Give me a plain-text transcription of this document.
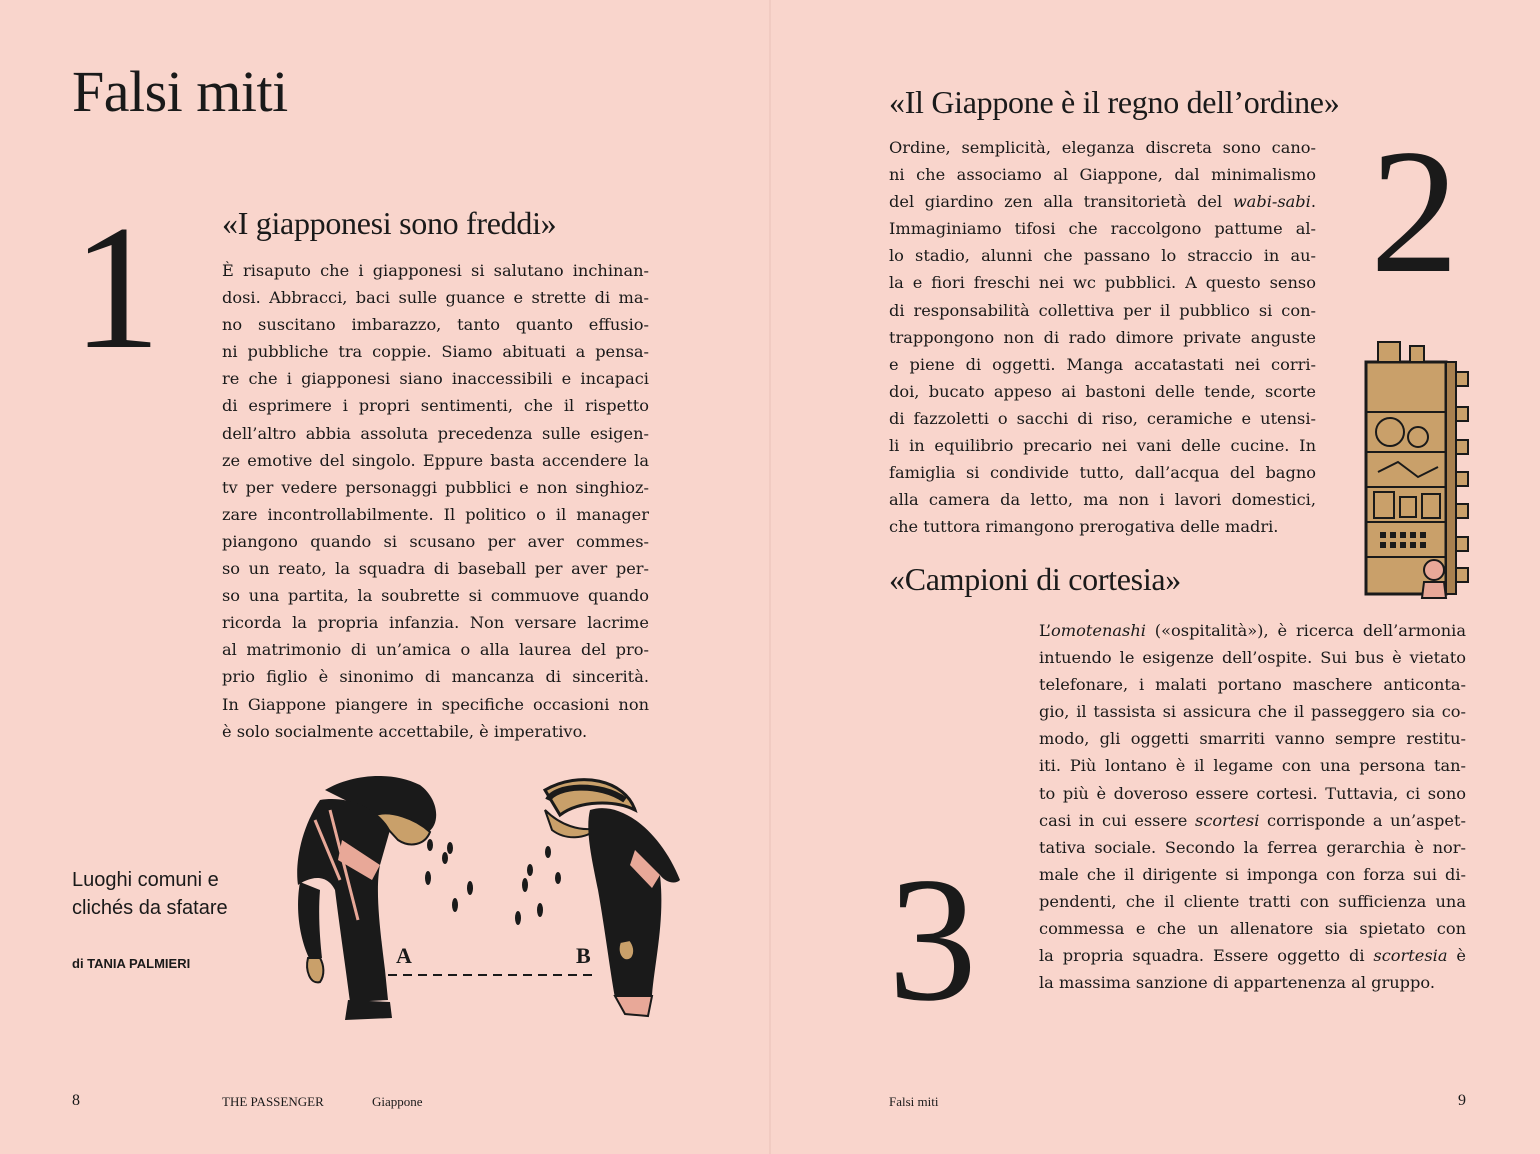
Falsi miti
1 «I giapponesi sono freddi»
È risaputo che i giapponesi si salutano inchinan-
dosi. Abbracci, baci sulle guance e strette di ma-
no suscitano imbarazzo, tanto quanto effusio-
ni pubbliche tra coppie. Siamo abituati a pensa-
re che i giapponesi siano inaccessibili e incapaci
di esprimere i propri sentimenti, che il rispetto
dell’altro abbia assoluta precedenza sulle esigen-
ze emotive del singolo. Eppure basta accendere la
tv per vedere personaggi pubblici e non singhioz-
zare incontrollabilmente. Il politico o il manager
piangono quando si scusano per aver commes-
so un reato, la squadra di baseball per aver per-
so una partita, la soubrette si commuove quando
ricorda la propria infanzia. Non versare lacrime
al matrimonio di un’amica o alla laurea del pro-
prio figlio è sinonimo di mancanza di sincerità.
In Giappone piangere in specifiche occasioni non
è solo socialmente accettabile, è imperativo.
A	B

Luoghi comuni e
clichés da sfatare

di TANIA PALMIERI
8	THE PASSENGER	Giappone
«Il Giappone è il regno dell’ordine»
2
Ordine, semplicità, eleganza discreta sono cano-
ni che associamo al Giappone, dal minimalismo
del giardino zen alla transitorietà del wabi-sabi.
Immaginiamo tifosi che raccolgono pattume al-
lo stadio, alunni che passano lo straccio in au-
la e fiori freschi nei wc pubblici. A questo senso
di responsabilità collettiva per il pubblico si con-
trappongono non di rado dimore private anguste
e piene di oggetti. Manga accatastati nei corri-
doi, bucato appeso ai bastoni delle tende, scorte
di fazzoletti o sacchi di riso, ceramiche e utensi-
li in equilibrio precario nei vani delle cucine. In
famiglia si condivide tutto, dall’acqua del bagno
alla camera da letto, ma non i lavori domestici,
che tuttora rimangono prerogativa delle madri.
«Campioni di cortesia»
3
L’omotenashi («ospitalità»), è ricerca dell’armonia
intuendo le esigenze dell’ospite. Sui bus è vietato
telefonare, i malati portano maschere anticonta-
gio, il tassista si assicura che il passeggero sia co-
modo, gli oggetti smarriti vanno sempre restitu-
iti. Più lontano è il legame con una persona tan-
to più è doveroso essere cortesi. Tuttavia, ci sono
casi in cui essere scortesi corrisponde a un’aspet-
tativa sociale. Secondo la ferrea gerarchia è nor-
male che il dirigente si imponga con forza sui di-
pendenti, che il cliente tratti con sufficienza una
commessa e che un allenatore sia spietato con
la propria squadra. Essere oggetto di scortesia è
la massima sanzione di appartenenza al gruppo.
Falsi miti	9
